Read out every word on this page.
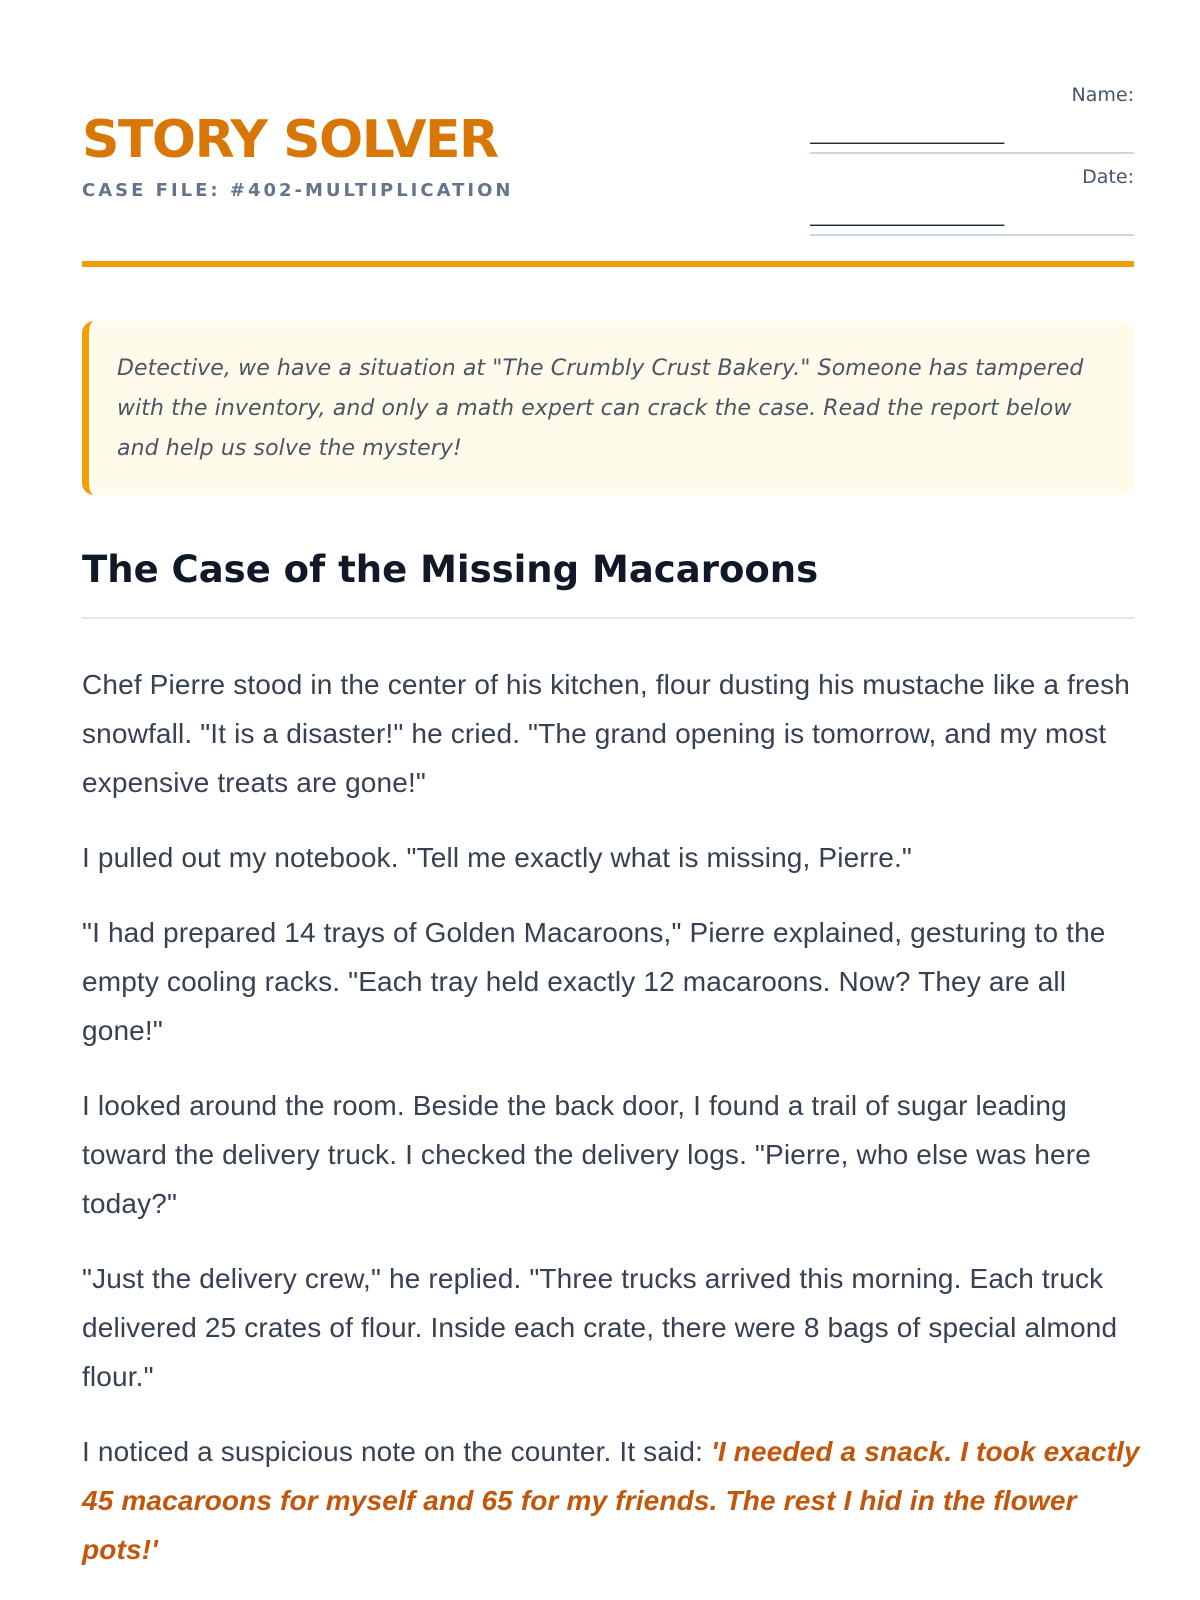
STORY SOLVER
CASE FILE: #402-MULTIPLICATION
Name:
____________________
Date:
____________________

Detective, we have a situation at "The Crumbly Crust Bakery." Someone has tampered with the inventory, and only a math expert can crack the case. Read the report below and help us solve the mystery!

The Case of the Missing Macaroons

Chef Pierre stood in the center of his kitchen, flour dusting his mustache like a fresh snowfall. "It is a disaster!" he cried. "The grand opening is tomorrow, and my most expensive treats are gone!"

I pulled out my notebook. "Tell me exactly what is missing, Pierre."

"I had prepared 14 trays of Golden Macaroons," Pierre explained, gesturing to the empty cooling racks. "Each tray held exactly 12 macaroons. Now? They are all gone!"

I looked around the room. Beside the back door, I found a trail of sugar leading toward the delivery truck. I checked the delivery logs. "Pierre, who else was here today?"

"Just the delivery crew," he replied. "Three trucks arrived this morning. Each truck delivered 25 crates of flour. Inside each crate, there were 8 bags of special almond flour."

I noticed a suspicious note on the counter. It said: 'I needed a snack. I took exactly 45 macaroons for myself and 65 for my friends. The rest I hid in the flower pots!'
